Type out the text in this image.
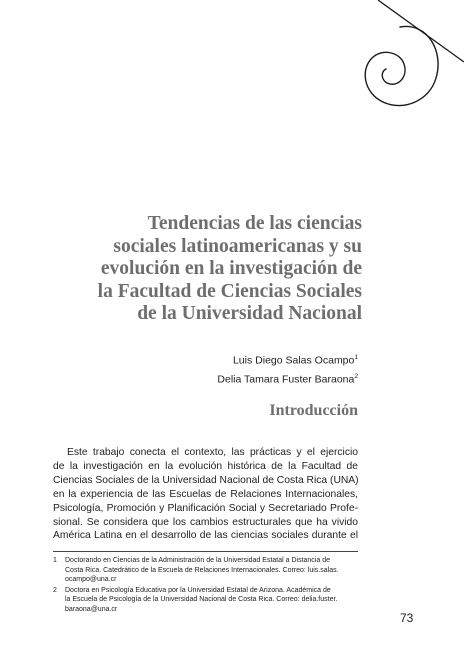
Tendencias de las ciencias
sociales latinoamericanas y su
evolución en la investigación de
la Facultad de Ciencias Sociales
de la Universidad Nacional
Luis Diego Salas Ocampo$^1$
Delia Tamara Fuster Baraona$^2$
Introducción
Este trabajo conecta el contexto, las prácticas y el ejercicio
de la investigación en la evolución histórica de la Facultad de
Ciencias Sociales de la Universidad Nacional de Costa Rica (UNA)
en la experiencia de las Escuelas de Relaciones Internacionales,
Psicología, Promoción y Planificación Social y Secretariado Profe-
sional. Se considera que los cambios estructurales que ha vivido
América Latina en el desarrollo de las ciencias sociales durante el
1 Doctorando en Ciencias de la Administración de la Universidad Estatal a Distancia de
Costa Rica. Catedrático de la Escuela de Relaciones Internacionales. Correo: luis.salas.
ocampo@una.cr
2 Doctora en Psicología Educativa por la Universidad Estatal de Arizona. Académica de
la Escuela de Psicología de la Universidad Nacional de Costa Rica. Correo: delia.fuster.
baraona@una.cr
73
